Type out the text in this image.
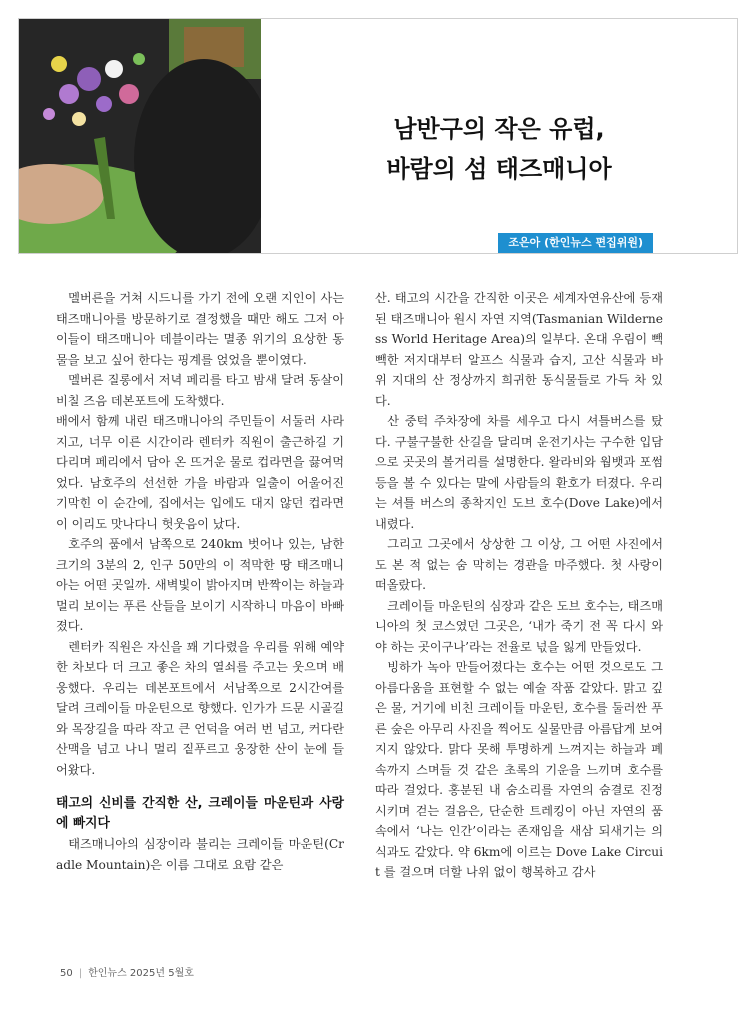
남반구의 작은 유럽,
바람의 섬 태즈매니아
조은아 (한인뉴스 편집위원)

멜버른을 거쳐 시드니를 가기 전에 오랜 지인이 사는 태즈매니아를 방문하기로 결정했을 때만 해도 그저 아이들이 태즈매니아 데블이라는 멸종 위기의 요상한 동물을 보고 싶어 한다는 핑계를 얹었을 뿐이였다.

멜버른 질롱에서 저녁 페리를 타고 밤새 달려 동살이 비칠 즈음 데본포트에 도착했다.

배에서 함께 내린 태즈매니아의 주민들이 서둘러 사라지고, 너무 이른 시간이라 렌터카 직원이 출근하길 기다리며 페리에서 담아 온 뜨거운 물로 컵라면을 끓여먹었다. 남호주의 선선한 가을 바람과 일출이 어울어진 기막힌 이 순간에, 집에서는 입에도 대지 않던 컵라면이 이리도 맛나다니 헛웃음이 났다.

호주의 품에서 남쪽으로 240km 벗어나 있는, 남한 크기의 3분의 2, 인구 50만의 이 적막한 땅 태즈매니아는 어떤 곳일까. 새벽빛이 밝아지며 반짝이는 하늘과 멀리 보이는 푸른 산들을 보이기 시작하니 마음이 바빠졌다.

렌터카 직원은 자신을 꽤 기다렸을 우리를 위해 예약한 차보다 더 크고 좋은 차의 열쇠를 주고는 웃으며 배웅했다. 우리는 데본포트에서 서남쪽으로 2시간여를 달려 크레이들 마운틴으로 향했다. 인가가 드문 시골길와 목장길을 따라 작고 큰 언덕을 여러 번 넘고, 커다란 산맥을 넘고 나니 멀리 짙푸르고 웅장한 산이 눈에 들어왔다.

태고의 신비를 간직한 산, 크레이들 마운틴과 사랑에 빠지다

태즈매니아의 심장이라 불리는 크레이들 마운틴(Cradle Mountain)은 이름 그대로 요람 같은

산. 태고의 시간을 간직한 이곳은 세계자연유산에 등재된 태즈매니아 원시 자연 지역(Tasmanian Wilderness World Heritage Area)의 일부다. 온대 우림이 빽빽한 저지대부터 알프스 식물과 습지, 고산 식물과 바위 지대의 산 정상까지 희귀한 동식물들로 가득 차 있다.

산 중턱 주차장에 차를 세우고 다시 셔틀버스를 탔다. 구불구불한 산길을 달리며 운전기사는 구수한 입담으로 곳곳의 볼거리를 설명한다. 왈라비와 웜뱃과 포썸 등을 볼 수 있다는 말에 사람들의 환호가 터졌다. 우리는 셔틀 버스의 종착지인 도브 호수(Dove Lake)에서 내렸다.

그리고 그곳에서 상상한 그 이상, 그 어떤 사진에서도 본 적 없는 숨 막히는 경관을 마주했다. 첫 사랑이 떠올랐다.

크레이들 마운틴의 심장과 같은 도브 호수는, 태즈매니아의 첫 코스였던 그곳은, ‘내가 죽기 전 꼭 다시 와야 하는 곳이구나’라는 전율로 넋을 잃게 만들었다.

빙하가 녹아 만들어졌다는 호수는 어떤 것으로도 그 아름다움을 표현할 수 없는 예술 작품 같았다. 맑고 깊은 물, 거기에 비친 크레이들 마운틴, 호수를 둘러싼 푸른 숲은 아무리 사진을 찍어도 실물만큼 아름답게 보여지지 않았다. 맑다 못해 투명하게 느껴지는 하늘과 폐 속까지 스며들 것 같은 초록의 기운을 느끼며 호수를 따라 걸었다. 홍분된 내 숨소리를 자연의 숨결로 진정시키며 걷는 걸음은, 단순한 트레킹이 아닌 자연의 품 속에서 ‘나는 인간’이라는 존재임을 새삼 되새기는 의식과도 같았다. 약 6km에 이르는 Dove Lake Circuit 를 걸으며 더할 나위 없이 행복하고 감사

50 | 한인뉴스 2025년 5월호
